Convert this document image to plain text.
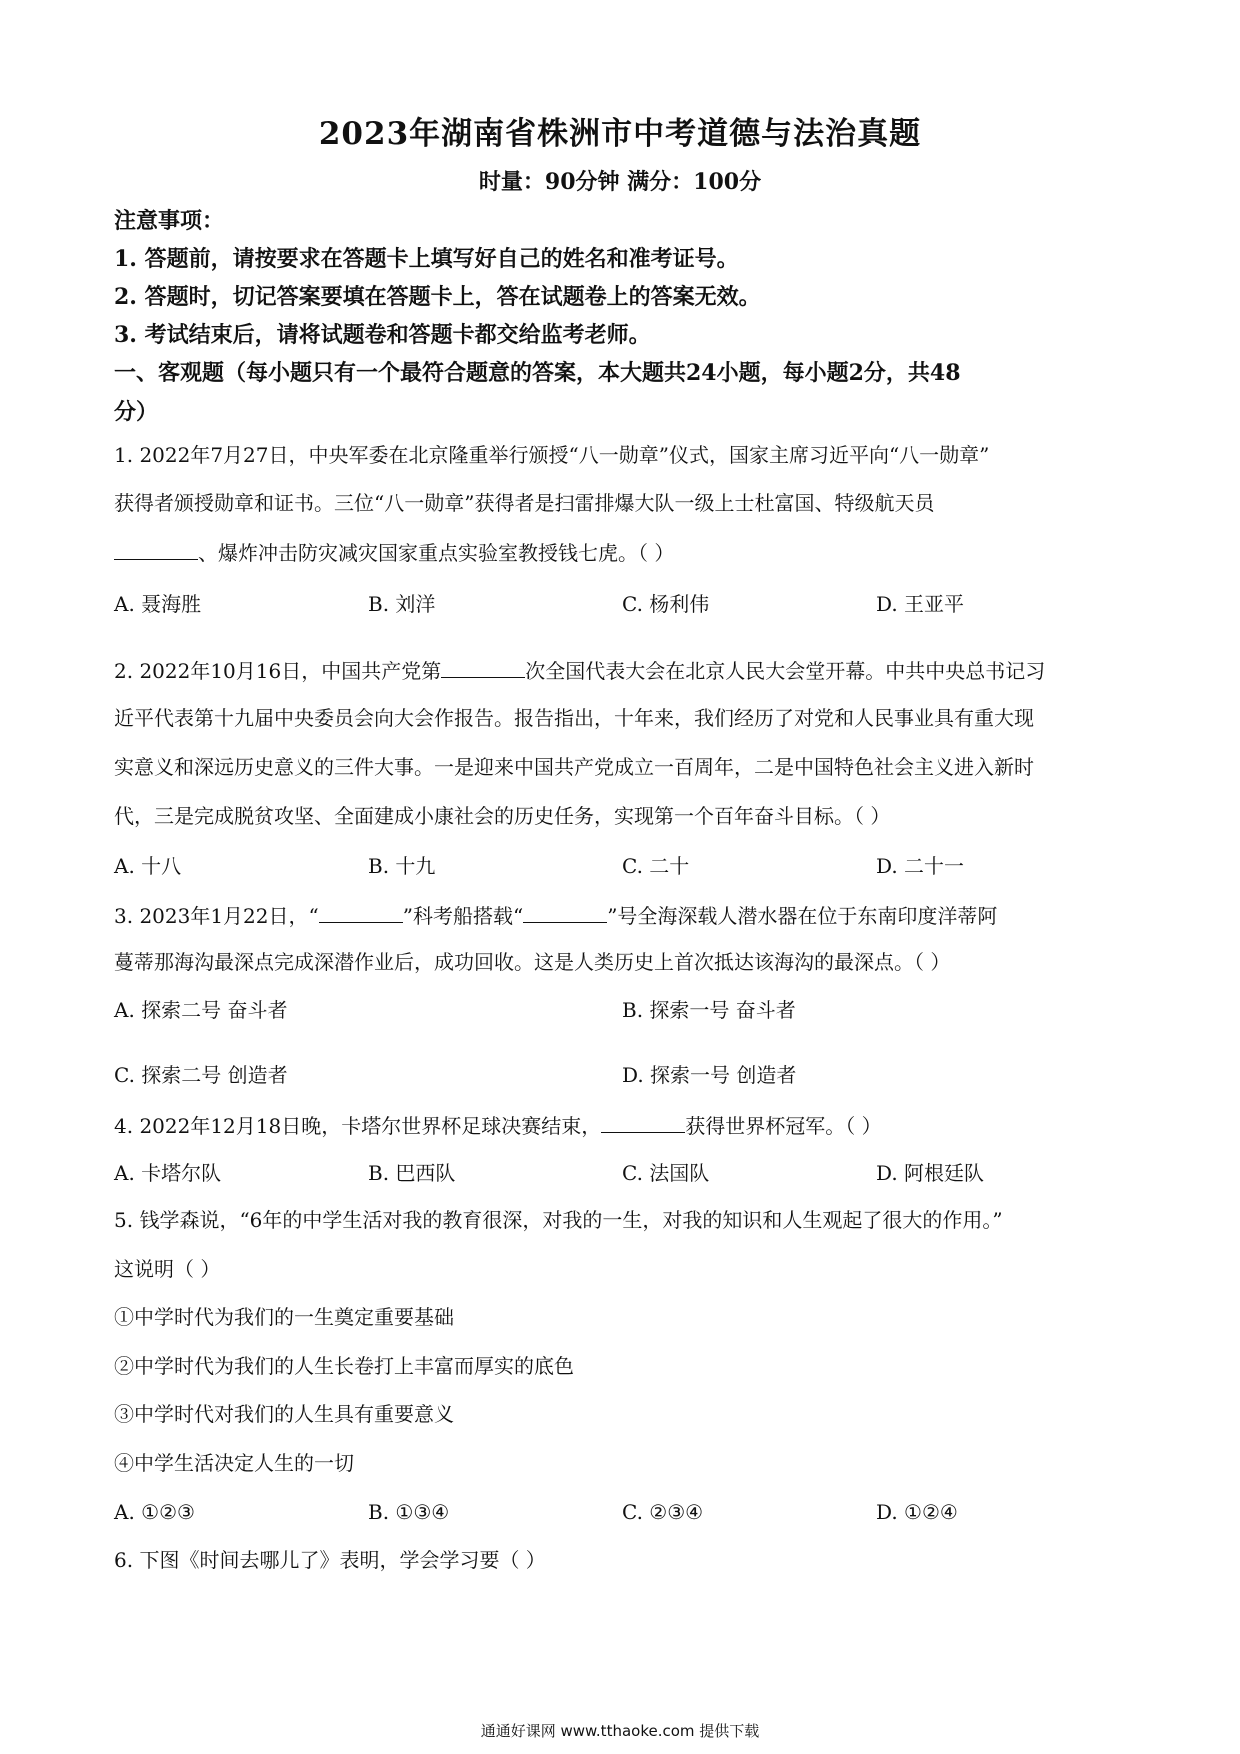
2023年湖南省株洲市中考道德与法治真题
时量：90分钟 满分：100分
注意事项：
1. 答题前，请按要求在答题卡上填写好自己的姓名和准考证号。
2. 答题时，切记答案要填在答题卡上，答在试题卷上的答案无效。
3. 考试结束后，请将试题卷和答题卡都交给监考老师。
一、客观题（每小题只有一个最符合题意的答案，本大题共24小题，每小题2分，共48
分）
1. 2022年7月27日，中央军委在北京隆重举行颁授“八一勋章”仪式，国家主席习近平向“八一勋章”
获得者颁授勋章和证书。三位“八一勋章”获得者是扫雷排爆大队一级上士杜富国、特级航天员
、爆炸冲击防灾减灾国家重点实验室教授钱七虎。（ ）
A. 聂海胜	B. 刘洋	C. 杨利伟	D. 王亚平
2. 2022年10月16日，中国共产党第	次全国代表大会在北京人民大会堂开幕。中共中央总书记习
近平代表第十九届中央委员会向大会作报告。报告指出，十年来，我们经历了对党和人民事业具有重大现
实意义和深远历史意义的三件大事。一是迎来中国共产党成立一百周年，二是中国特色社会主义进入新时
代，三是完成脱贫攻坚、全面建成小康社会的历史任务，实现第一个百年奋斗目标。（ ）
A. 十八	B. 十九	C. 二十	D. 二十一
3. 2023年1月22日，“	”科考船搭载“	”号全海深载人潜水器在位于东南印度洋蒂阿
蔓蒂那海沟最深点完成深潜作业后，成功回收。这是人类历史上首次抵达该海沟的最深点。（ ）
A. 探索二号 奋斗者	B. 探索一号 奋斗者
C. 探索二号 创造者	D. 探索一号 创造者
4. 2022年12月18日晚，卡塔尔世界杯足球决赛结束，	获得世界杯冠军。（ ）
A. 卡塔尔队	B. 巴西队	C. 法国队	D. 阿根廷队
5. 钱学森说，“6年的中学生活对我的教育很深，对我的一生，对我的知识和人生观起了很大的作用。”
这说明（ ）
①中学时代为我们的一生奠定重要基础
②中学时代为我们的人生长卷打上丰富而厚实的底色
③中学时代对我们的人生具有重要意义
④中学生活决定人生的一切
A. ①②③	B. ①③④	C. ②③④	D. ①②④
6. 下图《时间去哪儿了》表明，学会学习要（ ）
通通好课网 www.tthaoke.com 提供下载
